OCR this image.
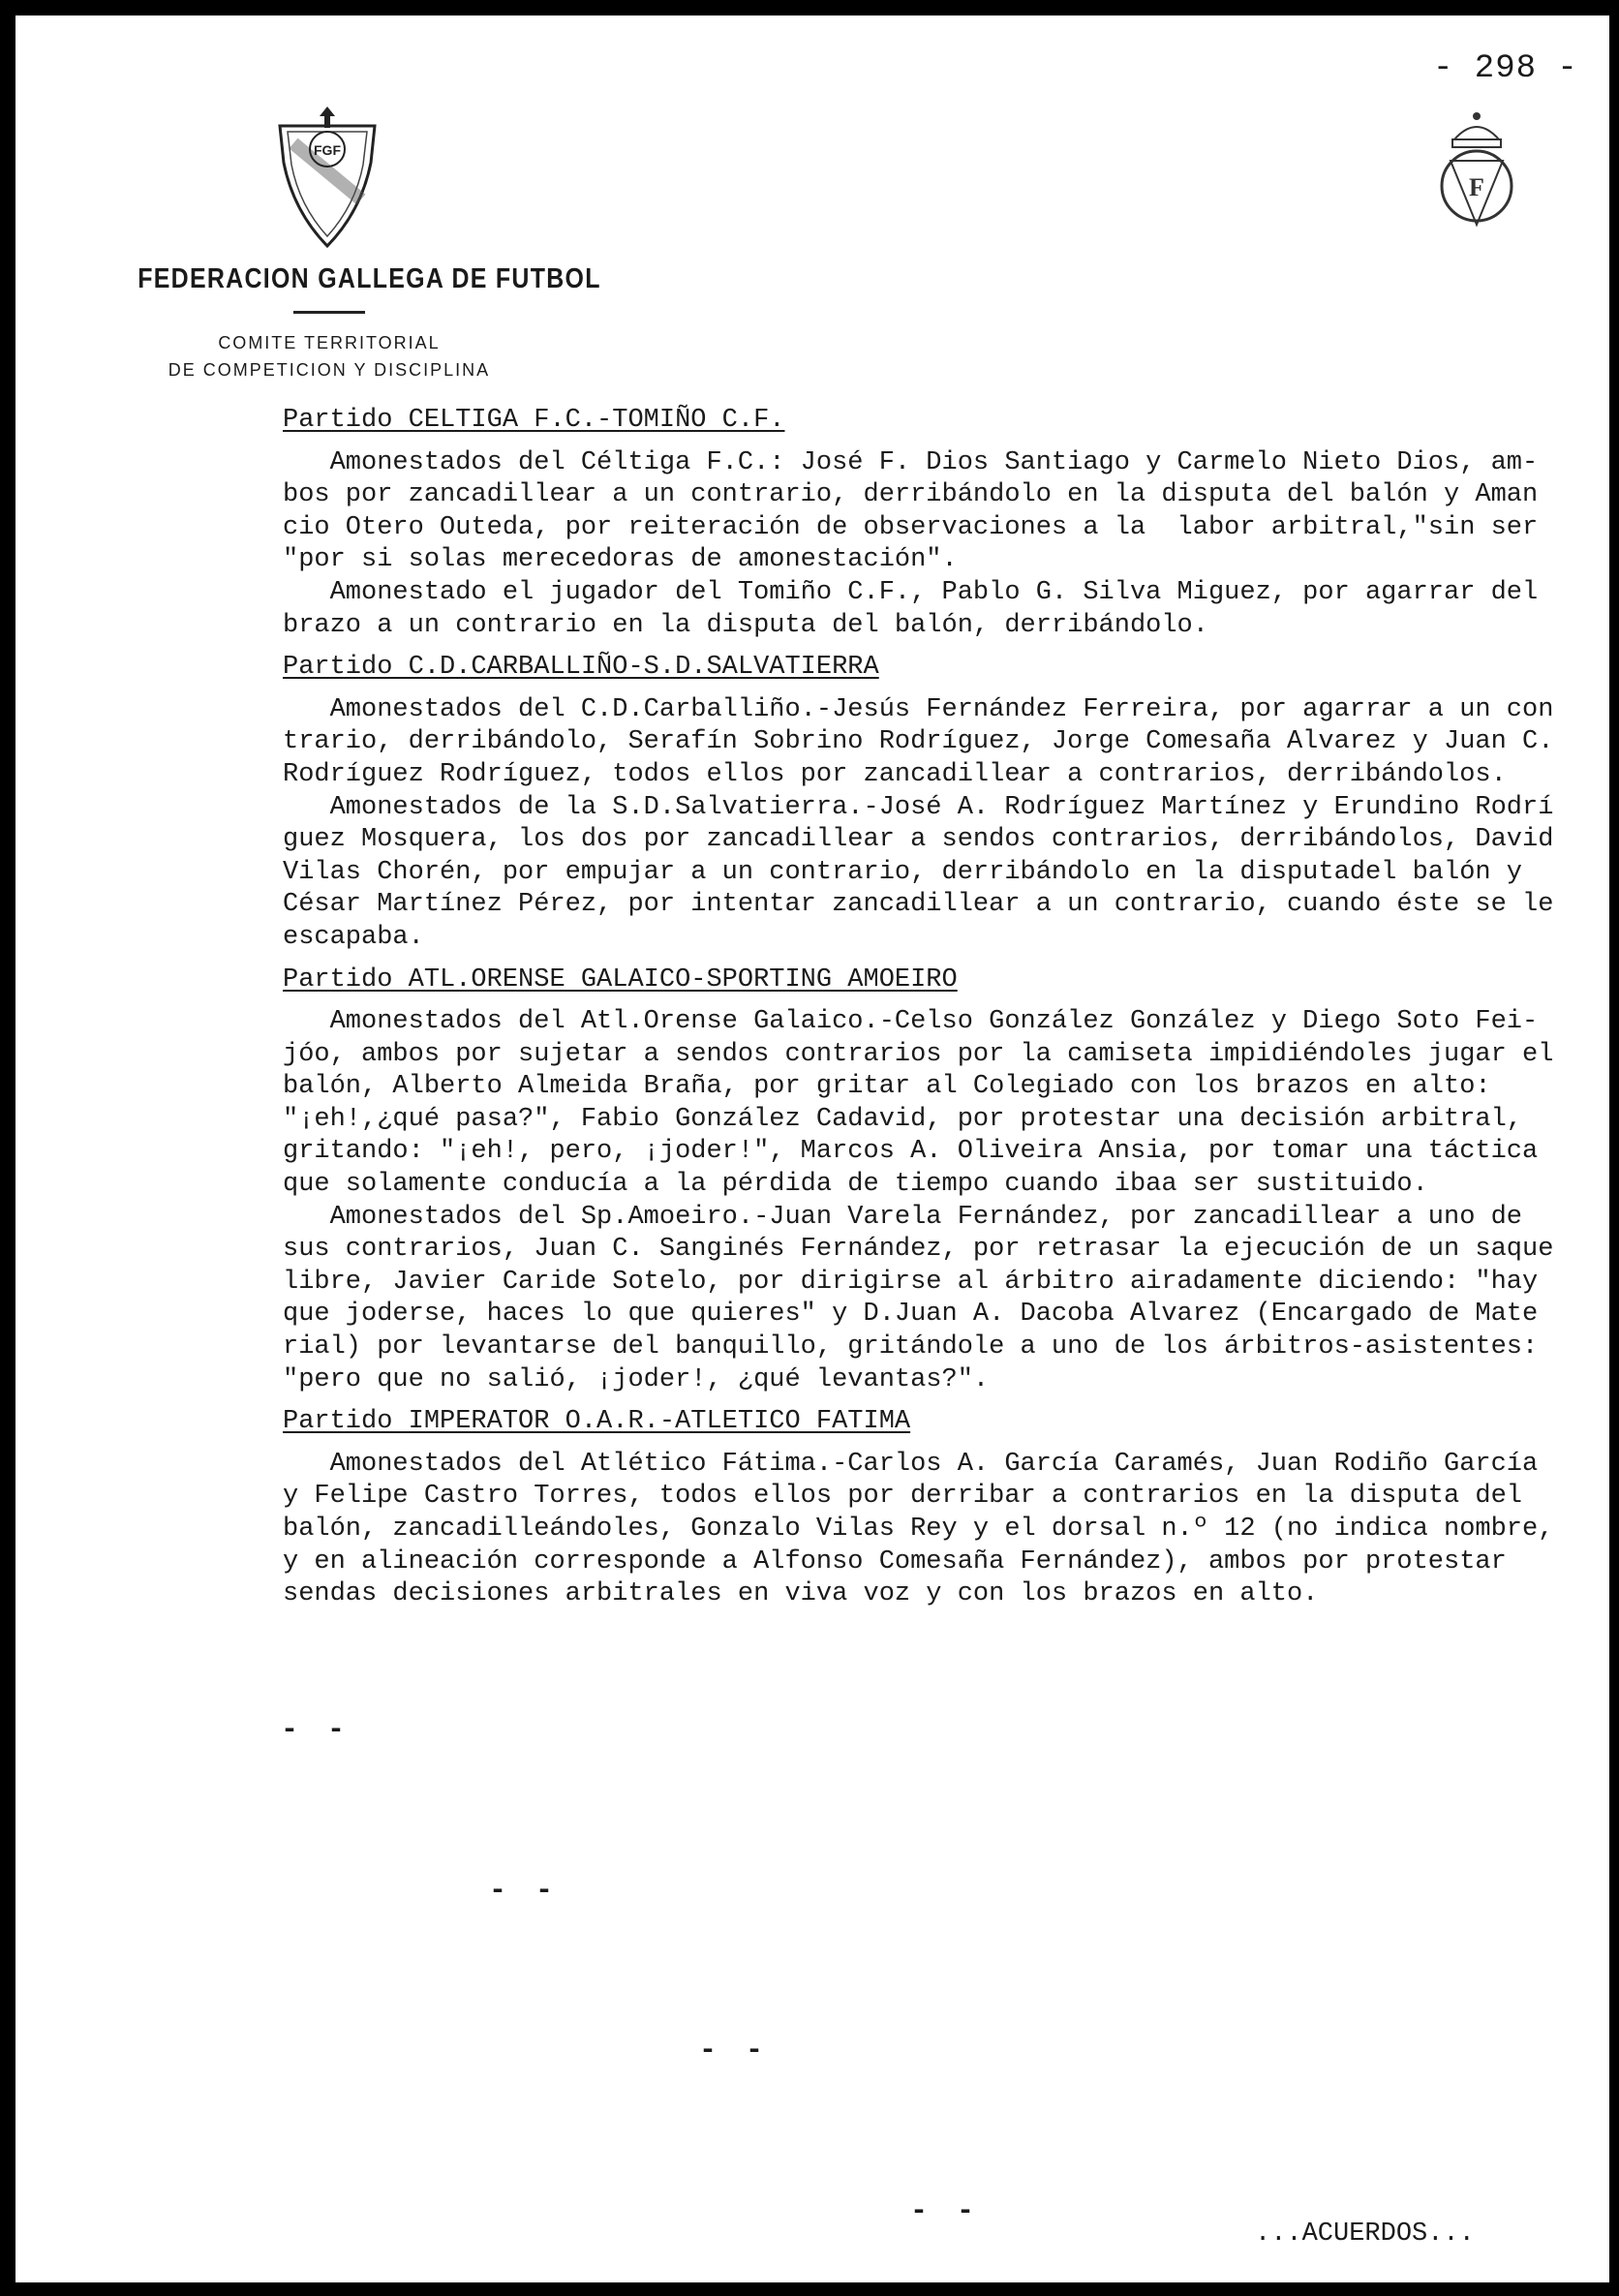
- 298 -
FGF
F
FEDERACION GALLEGA DE FUTBOL
COMITE TERRITORIAL
DE COMPETICION Y DISCIPLINA

Partido CELTIGA F.C.-TOMIÑO C.F.

Amonestados del Céltiga F.C.: José F. Dios Santiago y Carmelo Nieto Dios, am-
bos por zancadillear a un contrario, derribándolo en la disputa del balón y Aman
cio Otero Outeda, por reiteración de observaciones a la  labor arbitral,"sin ser
"por si solas merecedoras de amonestación".

Amonestado el jugador del Tomiño C.F., Pablo G. Silva Miguez, por agarrar del
brazo a un contrario en la disputa del balón, derribándolo.

Partido C.D.CARBALLIÑO-S.D.SALVATIERRA

Amonestados del C.D.Carballiño.-Jesús Fernández Ferreira, por agarrar a un con
trario, derribándolo, Serafín Sobrino Rodríguez, Jorge Comesaña Alvarez y Juan C.
Rodríguez Rodríguez, todos ellos por zancadillear a contrarios, derribándolos.

Amonestados de la S.D.Salvatierra.-José A. Rodríguez Martínez y Erundino Rodrí
guez Mosquera, los dos por zancadillear a sendos contrarios, derribándolos, David
Vilas Chorén, por empujar a un contrario, derribándolo en la disputadel balón y
César Martínez Pérez, por intentar zancadillear a un contrario, cuando éste se le
escapaba.

Partido ATL.ORENSE GALAICO-SPORTING AMOEIRO

Amonestados del Atl.Orense Galaico.-Celso González González y Diego Soto Fei-
jóo, ambos por sujetar a sendos contrarios por la camiseta impidiéndoles jugar el
balón, Alberto Almeida Braña, por gritar al Colegiado con los brazos en alto:
"¡eh!,¿qué pasa?", Fabio González Cadavid, por protestar una decisión arbitral,
gritando: "¡eh!, pero, ¡joder!", Marcos A. Oliveira Ansia, por tomar una táctica
que solamente conducía a la pérdida de tiempo cuando ibaa ser sustituido.

Amonestados del Sp.Amoeiro.-Juan Varela Fernández, por zancadillear a uno de
sus contrarios, Juan C. Sanginés Fernández, por retrasar la ejecución de un saque
libre, Javier Caride Sotelo, por dirigirse al árbitro airadamente diciendo: "hay
que joderse, haces lo que quieres" y D.Juan A. Dacoba Alvarez (Encargado de Mate
rial) por levantarse del banquillo, gritándole a uno de los árbitros-asistentes:
"pero que no salió, ¡joder!, ¿qué levantas?".

Partido IMPERATOR O.A.R.-ATLETICO FATIMA

Amonestados del Atlético Fátima.-Carlos A. García Caramés, Juan Rodiño García
y Felipe Castro Torres, todos ellos por derribar a contrarios en la disputa del
balón, zancadilleándoles, Gonzalo Vilas Rey y el dorsal n.º 12 (no indica nombre,
y en alineación corresponde a Alfonso Comesaña Fernández), ambos por protestar
sendas decisiones arbitrales en viva voz y con los brazos en alto.

- -
- -
- -
- -
...ACUERDOS...
